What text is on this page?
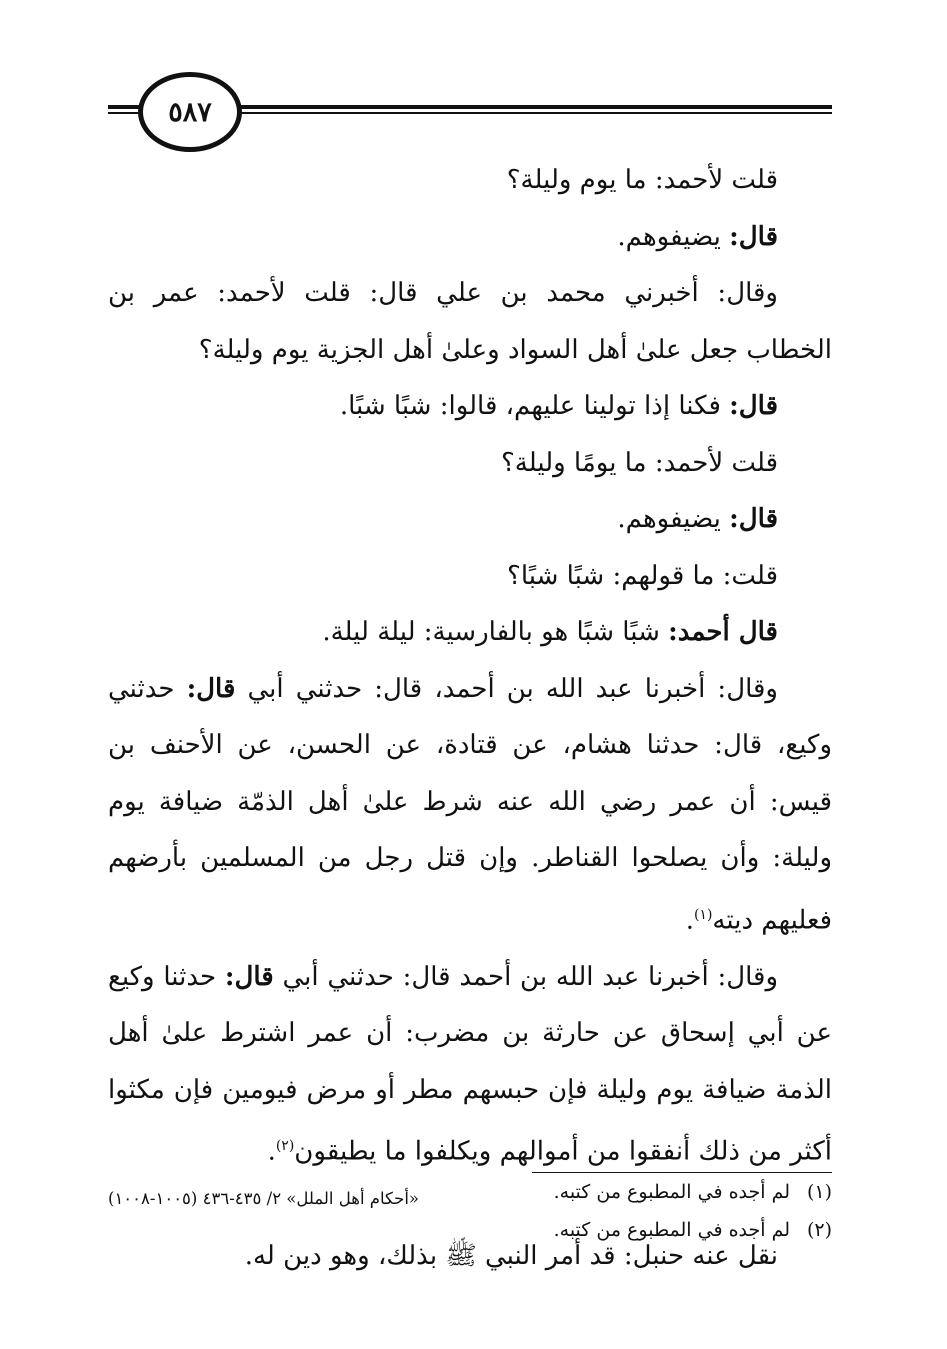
٥٨٧

قلت لأحمد: ما يوم وليلة؟

قال: يضيفوهم.

وقال: أخبرني محمد بن علي قال: قلت لأحمد: عمر بن الخطاب جعل علىٰ أهل السواد وعلىٰ أهل الجزية يوم وليلة؟

قال: فكنا إذا تولينا عليهم، قالوا: شبًا شبًا.

قلت لأحمد: ما يومًا وليلة؟

قال: يضيفوهم.

قلت: ما قولهم: شبًا شبًا؟

قال أحمد: شبًا شبًا هو بالفارسية: ليلة ليلة.

وقال: أخبرنا عبد الله بن أحمد، قال: حدثني أبي قال: حدثني وكيع، قال: حدثنا هشام، عن قتادة، عن الحسن، عن الأحنف بن قيس: أن عمر رضي الله عنه شرط علىٰ أهل الذمّة ضيافة يوم وليلة: وأن يصلحوا القناطر. وإن قتل رجل من المسلمين بأرضهم فعليهم ديته$^{(١)}$.

وقال: أخبرنا عبد الله بن أحمد قال: حدثني أبي قال: حدثنا وكيع عن أبي إسحاق عن حارثة بن مضرب: أن عمر اشترط علىٰ أهل الذمة ضيافة يوم وليلة فإن حبسهم مطر أو مرض فيومين فإن مكثوا أكثر من ذلك أنفقوا من أموالهم ويكلفوا ما يطيقون$^{(٢)}$.

«أحكام أهل الملل» ٢/ ٤٣٥-٤٣٦ (١٠٠٥-١٠٠٨)

نقل عنه حنبل: قد أمر النبي ﷺ بذلك، وهو دين له.

(١)لم أجده في المطبوع من كتبه.

(٢)لم أجده في المطبوع من كتبه.
